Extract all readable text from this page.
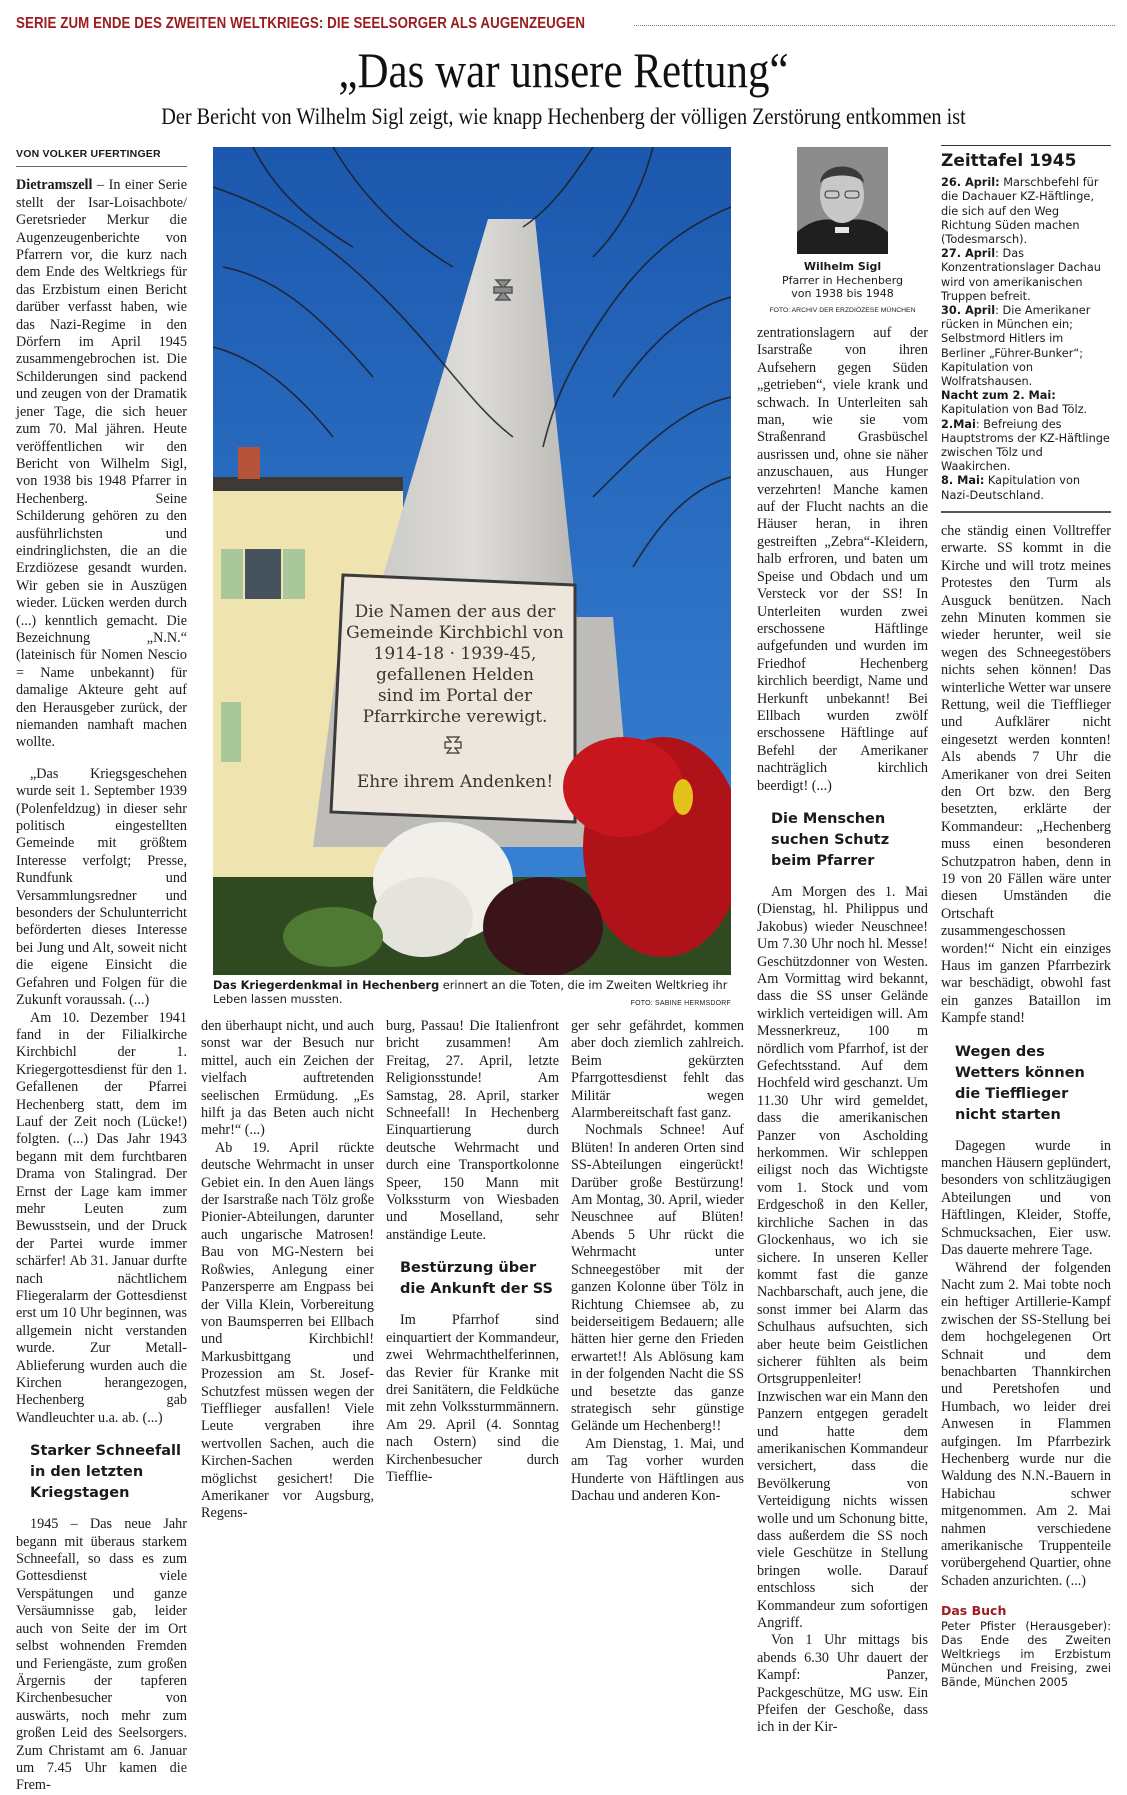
SERIE ZUM ENDE DES ZWEITEN WELTKRIEGS: DIE SEELSORGER ALS AUGENZEUGEN
„Das war unsere Rettung“
Der Bericht von Wilhelm Sigl zeigt, wie knapp Hechenberg der völligen Zerstörung entkommen ist
VON VOLKER UFERTINGER

Dietramszell – In einer Serie stellt der Isar-Loisachbote/ Geretsrieder Merkur die Augenzeugenberichte von Pfarrern vor, die kurz nach dem Ende des Weltkriegs für das Erzbistum einen Bericht darüber verfasst haben, wie das Nazi-Regime in den Dörfern im April 1945 zusammengebrochen ist. Die Schilderungen sind packend und zeugen von der Dramatik jener Tage, die sich heuer zum 70. Mal jähren. Heute veröffentlichen wir den Bericht von Wilhelm Sigl, von 1938 bis 1948 Pfarrer in Hechenberg. Seine Schilderung gehören zu den ausführlichsten und eindringlichsten, die an die Erzdiözese gesandt wurden. Wir geben sie in Auszügen wieder. Lücken werden durch (...) kenntlich gemacht. Die Bezeichnung „N.N.“ (lateinisch für Nomen Nescio = Name unbekannt) für damalige Akteure geht auf den Herausgeber zurück, der niemanden namhaft machen wollte.

„Das Kriegsgeschehen wurde seit 1. September 1939 (Polenfeldzug) in dieser sehr politisch eingestellten Gemeinde mit größtem Interesse verfolgt; Presse, Rundfunk und Versammlungsredner und besonders der Schulunterricht beförderten dieses Interesse bei Jung und Alt, soweit nicht die eigene Einsicht die Gefahren und Folgen für die Zukunft voraussah. (...)

Am 10. Dezember 1941 fand in der Filialkirche Kirchbichl der 1. Kriegergottesdienst für den 1. Gefallenen der Pfarrei Hechenberg statt, dem im Lauf der Zeit noch (Lücke!) folgten. (...) Das Jahr 1943 begann mit dem furchtbaren Drama von Stalingrad. Der Ernst der Lage kam immer mehr Leuten zum Bewusstsein, und der Druck der Partei wurde immer schärfer! Ab 31. Januar durfte nach nächtlichem Fliegeralarm der Gottesdienst erst um 10 Uhr beginnen, was allgemein nicht verstanden wurde. Zur Metall-Ablieferung wurden auch die Kirchen herangezogen, Hechenberg gab Wandleuchter u.a. ab. (...)

Starker Schneefall in den letzten Kriegstagen

1945 – Das neue Jahr begann mit überaus starkem Schneefall, so dass es zum Gottesdienst viele Verspätungen und ganze Versäumnisse gab, leider auch von Seite der im Ort selbst wohnenden Fremden und Feriengäste, zum großen Ärgernis der tapferen Kirchenbesucher von auswärts, noch mehr zum großen Leid des Seelsorgers. Zum Christamt am 6. Januar um 7.45 Uhr kamen die Frem-

Die Namen der aus der
Gemeinde Kirchbichl von
1914-18 · 1939-45,
gefallenen Helden
sind im Portal der
Pfarrkirche verewigt.
Ehre ihrem Andenken!
Das Kriegerdenkmal in Hechenberg erinnert an die Toten, die im Zweiten Weltkrieg ihr Leben lassen mussten.	FOTO: SABINE HERMSDORF

den überhaupt nicht, und auch sonst war der Besuch nur mittel, auch ein Zeichen der vielfach auftretenden seelischen Ermüdung. „Es hilft ja das Beten auch nicht mehr!“ (...)

Ab 19. April rückte deutsche Wehrmacht in unser Gebiet ein. In den Auen längs der Isarstraße nach Tölz große Pionier-Abteilungen, darunter auch ungarische Matrosen! Bau von MG-Nestern bei Roßwies, Anlegung einer Panzersperre am Engpass bei der Villa Klein, Vorbereitung von Baumsperren bei Ellbach und Kirchbichl! Markusbittgang und Prozession am St. Josef-Schutzfest müssen wegen der Tiefflieger ausfallen! Viele Leute vergraben ihre wertvollen Sachen, auch die Kirchen-Sachen werden möglichst gesichert! Die Amerikaner vor Augsburg, Regens-

burg, Passau! Die Italienfront bricht zusammen! Am Freitag, 27. April, letzte Religionsstunde! Am Samstag, 28. April, starker Schneefall! In Hechenberg Einquartierung durch deutsche Wehrmacht und durch eine Transportkolonne Speer, 150 Mann mit Volkssturm von Wiesbaden und Moselland, sehr anständige Leute.

Bestürzung über die Ankunft der SS

Im Pfarrhof sind einquartiert der Kommandeur, zwei Wehrmachthelferinnen, das Revier für Kranke mit drei Sanitätern, die Feldküche mit zehn Volkssturmmännern. Am 29. April (4. Sonntag nach Ostern) sind die Kirchenbesucher durch Tiefflie-

ger sehr gefährdet, kommen aber doch ziemlich zahlreich. Beim gekürzten Pfarrgottesdienst fehlt das Militär wegen Alarmbereitschaft fast ganz.

Nochmals Schnee! Auf Blüten! In anderen Orten sind SS-Abteilungen eingerückt! Darüber große Bestürzung! Am Montag, 30. April, wieder Neuschnee auf Blüten! Abends 5 Uhr rückt die Wehrmacht unter Schneegestöber mit der ganzen Kolonne über Tölz in Richtung Chiemsee ab, zu beiderseitigem Bedauern; alle hätten hier gerne den Frieden erwartet!! Als Ablösung kam in der folgenden Nacht die SS und besetzte das ganze strategisch sehr günstige Gelände um Hechenberg!!

Am Dienstag, 1. Mai, und am Tag vorher wurden Hunderte von Häftlingen aus Dachau und anderen Kon-

Wilhelm Sigl
Pfarrer in Hechenberg
von 1938 bis 1948
FOTO: ARCHIV DER ERZDIÖZESE MÜNCHEN

zentrationslagern auf der Isarstraße von ihren Aufsehern gegen Süden „getrieben“, viele krank und schwach. In Unterleiten sah man, wie sie vom Straßenrand Grasbüschel ausrissen und, ohne sie näher anzuschauen, aus Hunger verzehrten! Manche kamen auf der Flucht nachts an die Häuser heran, in ihren gestreiften „Zebra“-Kleidern, halb erfroren, und baten um Speise und Obdach und um Versteck vor der SS! In Unterleiten wurden zwei erschossene Häftlinge aufgefunden und wurden im Friedhof Hechenberg kirchlich beerdigt, Name und Herkunft unbekannt! Bei Ellbach wurden zwölf erschossene Häftlinge auf Befehl der Amerikaner nachträglich kirchlich beerdigt! (...)

Die Menschen suchen Schutz beim Pfarrer

Am Morgen des 1. Mai (Dienstag, hl. Philippus und Jakobus) wieder Neuschnee! Um 7.30 Uhr noch hl. Messe! Geschützdonner von Westen. Am Vormittag wird bekannt, dass die SS unser Gelände wirklich verteidigen will. Am Messnerkreuz, 100 m nördlich vom Pfarrhof, ist der Gefechtsstand. Auf dem Hochfeld wird geschanzt. Um 11.30 Uhr wird gemeldet, dass die amerikanischen Panzer von Ascholding herkommen. Wir schleppen eiligst noch das Wichtigste vom 1. Stock und vom Erdgeschoß in den Keller, kirchliche Sachen in das Glockenhaus, wo ich sie sichere. In unseren Keller kommt fast die ganze Nachbarschaft, auch jene, die sonst immer bei Alarm das Schulhaus aufsuchten, sich aber heute beim Geistlichen sicherer fühlten als beim Ortsgruppenleiter! Inzwischen war ein Mann den Panzern entgegen geradelt und hatte dem amerikanischen Kommandeur versichert, dass die Bevölkerung von Verteidigung nichts wissen wolle und um Schonung bitte, dass außerdem die SS noch viele Geschütze in Stellung bringen wolle. Darauf entschloss sich der Kommandeur zum sofortigen Angriff.

Von 1 Uhr mittags bis abends 6.30 Uhr dauert der Kampf: Panzer, Packgeschütze, MG usw. Ein Pfeifen der Geschoße, dass ich in der Kir-

Zeittafel 1945
26. April: Marschbefehl für die Dachauer KZ-Häftlinge, die sich auf den Weg Richtung Süden machen (Todesmarsch).
27. April: Das Konzentrationslager Dachau wird von amerikanischen Truppen befreit.
30. April: Die Amerikaner rücken in München ein; Selbstmord Hitlers im Berliner „Führer-Bunker“; Kapitulation von Wolfratshausen.
Nacht zum 2. Mai: Kapitulation von Bad Tölz.
2.Mai: Befreiung des Hauptstroms der KZ-Häftlinge zwischen Tölz und Waakirchen.
8. Mai: Kapitulation von Nazi-Deutschland.

che ständig einen Volltreffer erwarte. SS kommt in die Kirche und will trotz meines Protestes den Turm als Ausguck benützen. Nach zehn Minuten kommen sie wieder herunter, weil sie wegen des Schneegestöbers nichts sehen können! Das winterliche Wetter war unsere Rettung, weil die Tiefflieger und Aufklärer nicht eingesetzt werden konnten! Als abends 7 Uhr die Amerikaner von drei Seiten den Ort bzw. den Berg besetzten, erklärte der Kommandeur: „Hechenberg muss einen besonderen Schutzpatron haben, denn in 19 von 20 Fällen wäre unter diesen Umständen die Ortschaft zusammengeschossen worden!“ Nicht ein einziges Haus im ganzen Pfarrbezirk war beschädigt, obwohl fast ein ganzes Bataillon im Kampfe stand!

Wegen des Wetters können die Tiefflieger nicht starten

Dagegen wurde in manchen Häusern geplündert, besonders von schlitzäugigen Abteilungen und von Häftlingen, Kleider, Stoffe, Schmucksachen, Eier usw. Das dauerte mehrere Tage.

Während der folgenden Nacht zum 2. Mai tobte noch ein heftiger Artillerie-Kampf zwischen der SS-Stellung bei dem hochgelegenen Ort Schnait und dem benachbarten Thannkirchen und Peretshofen und Humbach, wo leider drei Anwesen in Flammen aufgingen. Im Pfarrbezirk Hechenberg wurde nur die Waldung des N.N.-Bauern in Habichau schwer mitgenommen. Am 2. Mai nahmen verschiedene amerikanische Truppenteile vorübergehend Quartier, ohne Schaden anzurichten. (...)

Das Buch
Peter Pfister (Herausgeber): Das Ende des Zweiten Weltkriegs im Erzbistum München und Freising, zwei Bände, München 2005
